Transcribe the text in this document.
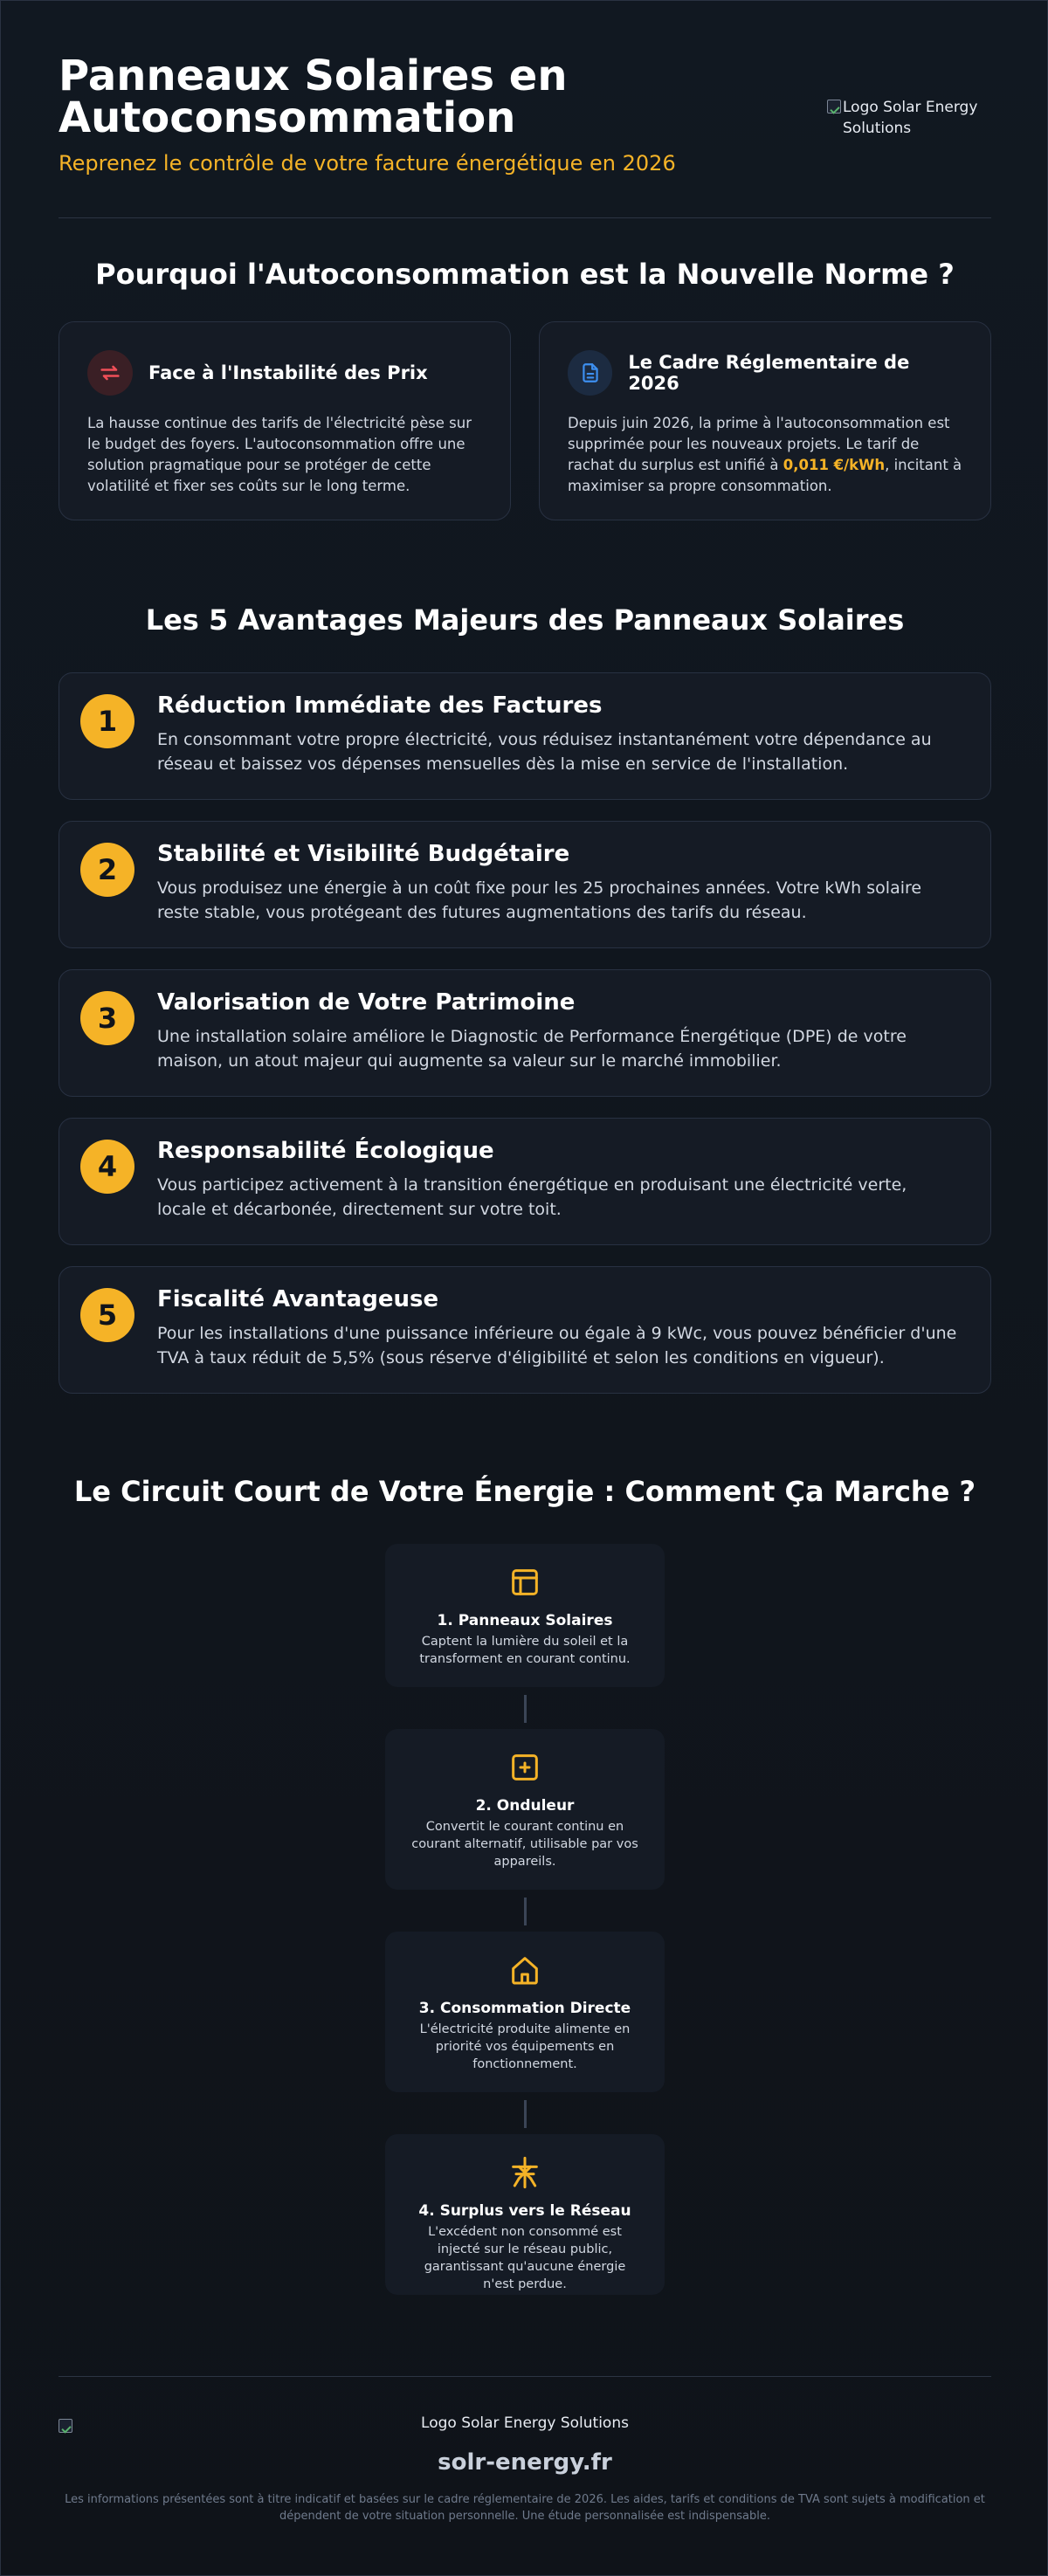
Panneaux Solaires en Autoconsommation
Reprenez le contrôle de votre facture énergétique en 2026
Logo Solar Energy Solutions
Pourquoi l'Autoconsommation est la Nouvelle Norme ?
Face à l'Instabilité des Prix

La hausse continue des tarifs de l'électricité pèse sur le budget des foyers. L'autoconsommation offre une solution pragmatique pour se protéger de cette volatilité et fixer ses coûts sur le long terme.

Le Cadre Réglementaire de 2026

Depuis juin 2026, la prime à l'autoconsommation est supprimée pour les nouveaux projets. Le tarif de rachat du surplus est unifié à 0,011 €/kWh, incitant à maximiser sa propre consommation.

Les 5 Avantages Majeurs des Panneaux Solaires
1	Réduction Immédiate des Factures

En consommant votre propre électricité, vous réduisez instantanément votre dépendance au réseau et baissez vos dépenses mensuelles dès la mise en service de l'installation.

2	Stabilité et Visibilité Budgétaire

Vous produisez une énergie à un coût fixe pour les 25 prochaines années. Votre kWh solaire reste stable, vous protégeant des futures augmentations des tarifs du réseau.

3	Valorisation de Votre Patrimoine

Une installation solaire améliore le Diagnostic de Performance Énergétique (DPE) de votre maison, un atout majeur qui augmente sa valeur sur le marché immobilier.

4	Responsabilité Écologique

Vous participez activement à la transition énergétique en produisant une électricité verte, locale et décarbonée, directement sur votre toit.

5	Fiscalité Avantageuse

Pour les installations d'une puissance inférieure ou égale à 9 kWc, vous pouvez bénéficier d'une TVA à taux réduit de 5,5% (sous réserve d'éligibilité et selon les conditions en vigueur).

Le Circuit Court de Votre Énergie : Comment Ça Marche ?
1. Panneaux Solaires

Captent la lumière du soleil et la transforment en courant continu.

2. Onduleur

Convertit le courant continu en courant alternatif, utilisable par vos appareils.

3. Consommation Directe

L'électricité produite alimente en priorité vos équipements en fonctionnement.

4. Surplus vers le Réseau

L'excédent non consommé est injecté sur le réseau public, garantissant qu'aucune énergie n'est perdue.

Logo Solar Energy Solutions
solr-energy.fr

Les informations présentées sont à titre indicatif et basées sur le cadre réglementaire de 2026. Les aides, tarifs et conditions de TVA sont sujets à modification et dépendent de votre situation personnelle. Une étude personnalisée est indispensable.
